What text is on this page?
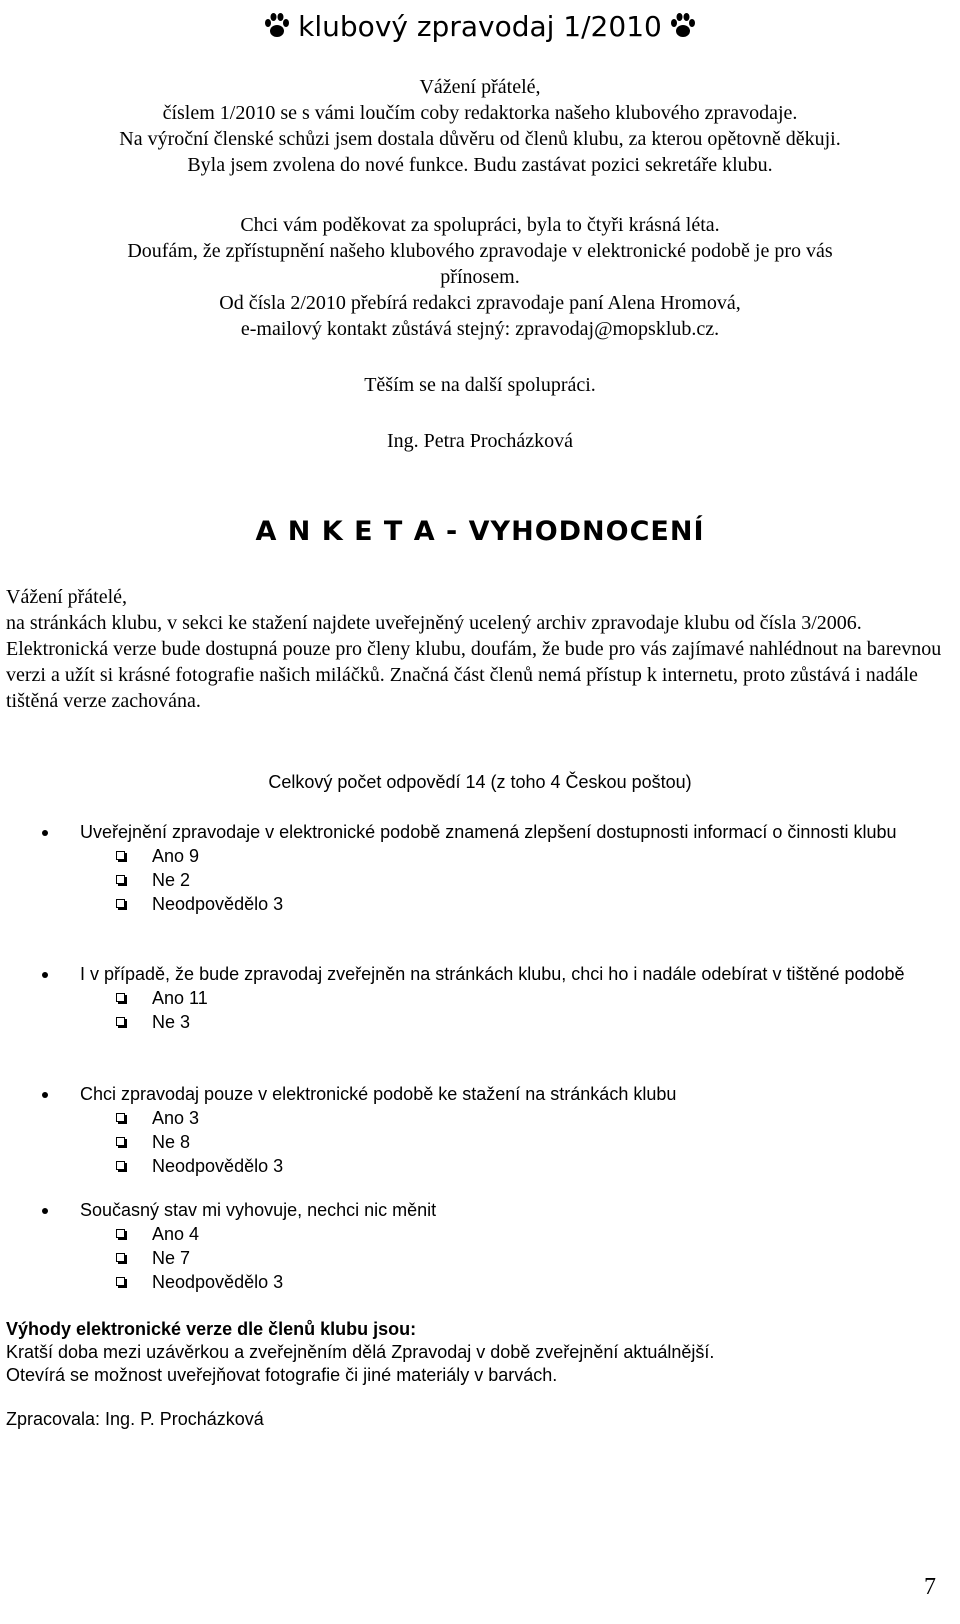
klubový zpravodaj 1/2010

Vážení přátelé,

číslem 1/2010 se s vámi loučím coby redaktorka našeho klubového zpravodaje.

Na výroční členské schůzi jsem dostala důvěru od členů klubu, za kterou opětovně děkuji.

Byla jsem zvolena do nové funkce. Budu zastávat pozici sekretáře klubu.

Chci vám poděkovat za spolupráci, byla to čtyři krásná léta.

Doufám, že zpřístupnění našeho klubového zpravodaje v elektronické podobě je pro vás

přínosem.

Od čísla 2/2010 přebírá redakci zpravodaje paní Alena Hromová,

e-mailový kontakt zůstává stejný: zpravodaj@mopsklub.cz.

Těším se na další spolupráci.

Ing. Petra Procházková

A N K E T A - VYHODNOCENÍ

Vážení přátelé,

na stránkách klubu, v sekci ke stažení najdete uveřejněný ucelený archiv zpravodaje klubu od čísla 3/2006.

Elektronická verze bude dostupná pouze pro členy klubu, doufám, že bude pro vás zajímavé nahlédnout na barevnou verzi a užít si krásné fotografie našich miláčků. Značná část členů nemá přístup k internetu, proto zůstává i nadále tištěná verze zachována.

Celkový počet odpovědí 14 (z toho 4 Českou poštou)
Uveřejnění zpravodaje v elektronické podobě znamená zlepšení dostupnosti informací o činnosti klubu
Ano 9
Ne 2
Neodpovědělo 3
I v případě, že bude zpravodaj zveřejněn na stránkách klubu, chci ho i nadále odebírat v tištěné podobě
Ano 11
Ne 3
Chci zpravodaj pouze v elektronické podobě ke stažení na stránkách klubu
Ano 3
Ne 8
Neodpovědělo 3
Současný stav mi vyhovuje, nechci nic měnit
Ano 4
Ne 7
Neodpovědělo 3

Výhody elektronické verze dle členů klubu jsou:

Kratší doba mezi uzávěrkou a zveřejněním dělá Zpravodaj v době zveřejnění aktuálnější.

Otevírá se možnost uveřejňovat fotografie či jiné materiály v barvách.

Zpracovala: Ing. P. Procházková
7
